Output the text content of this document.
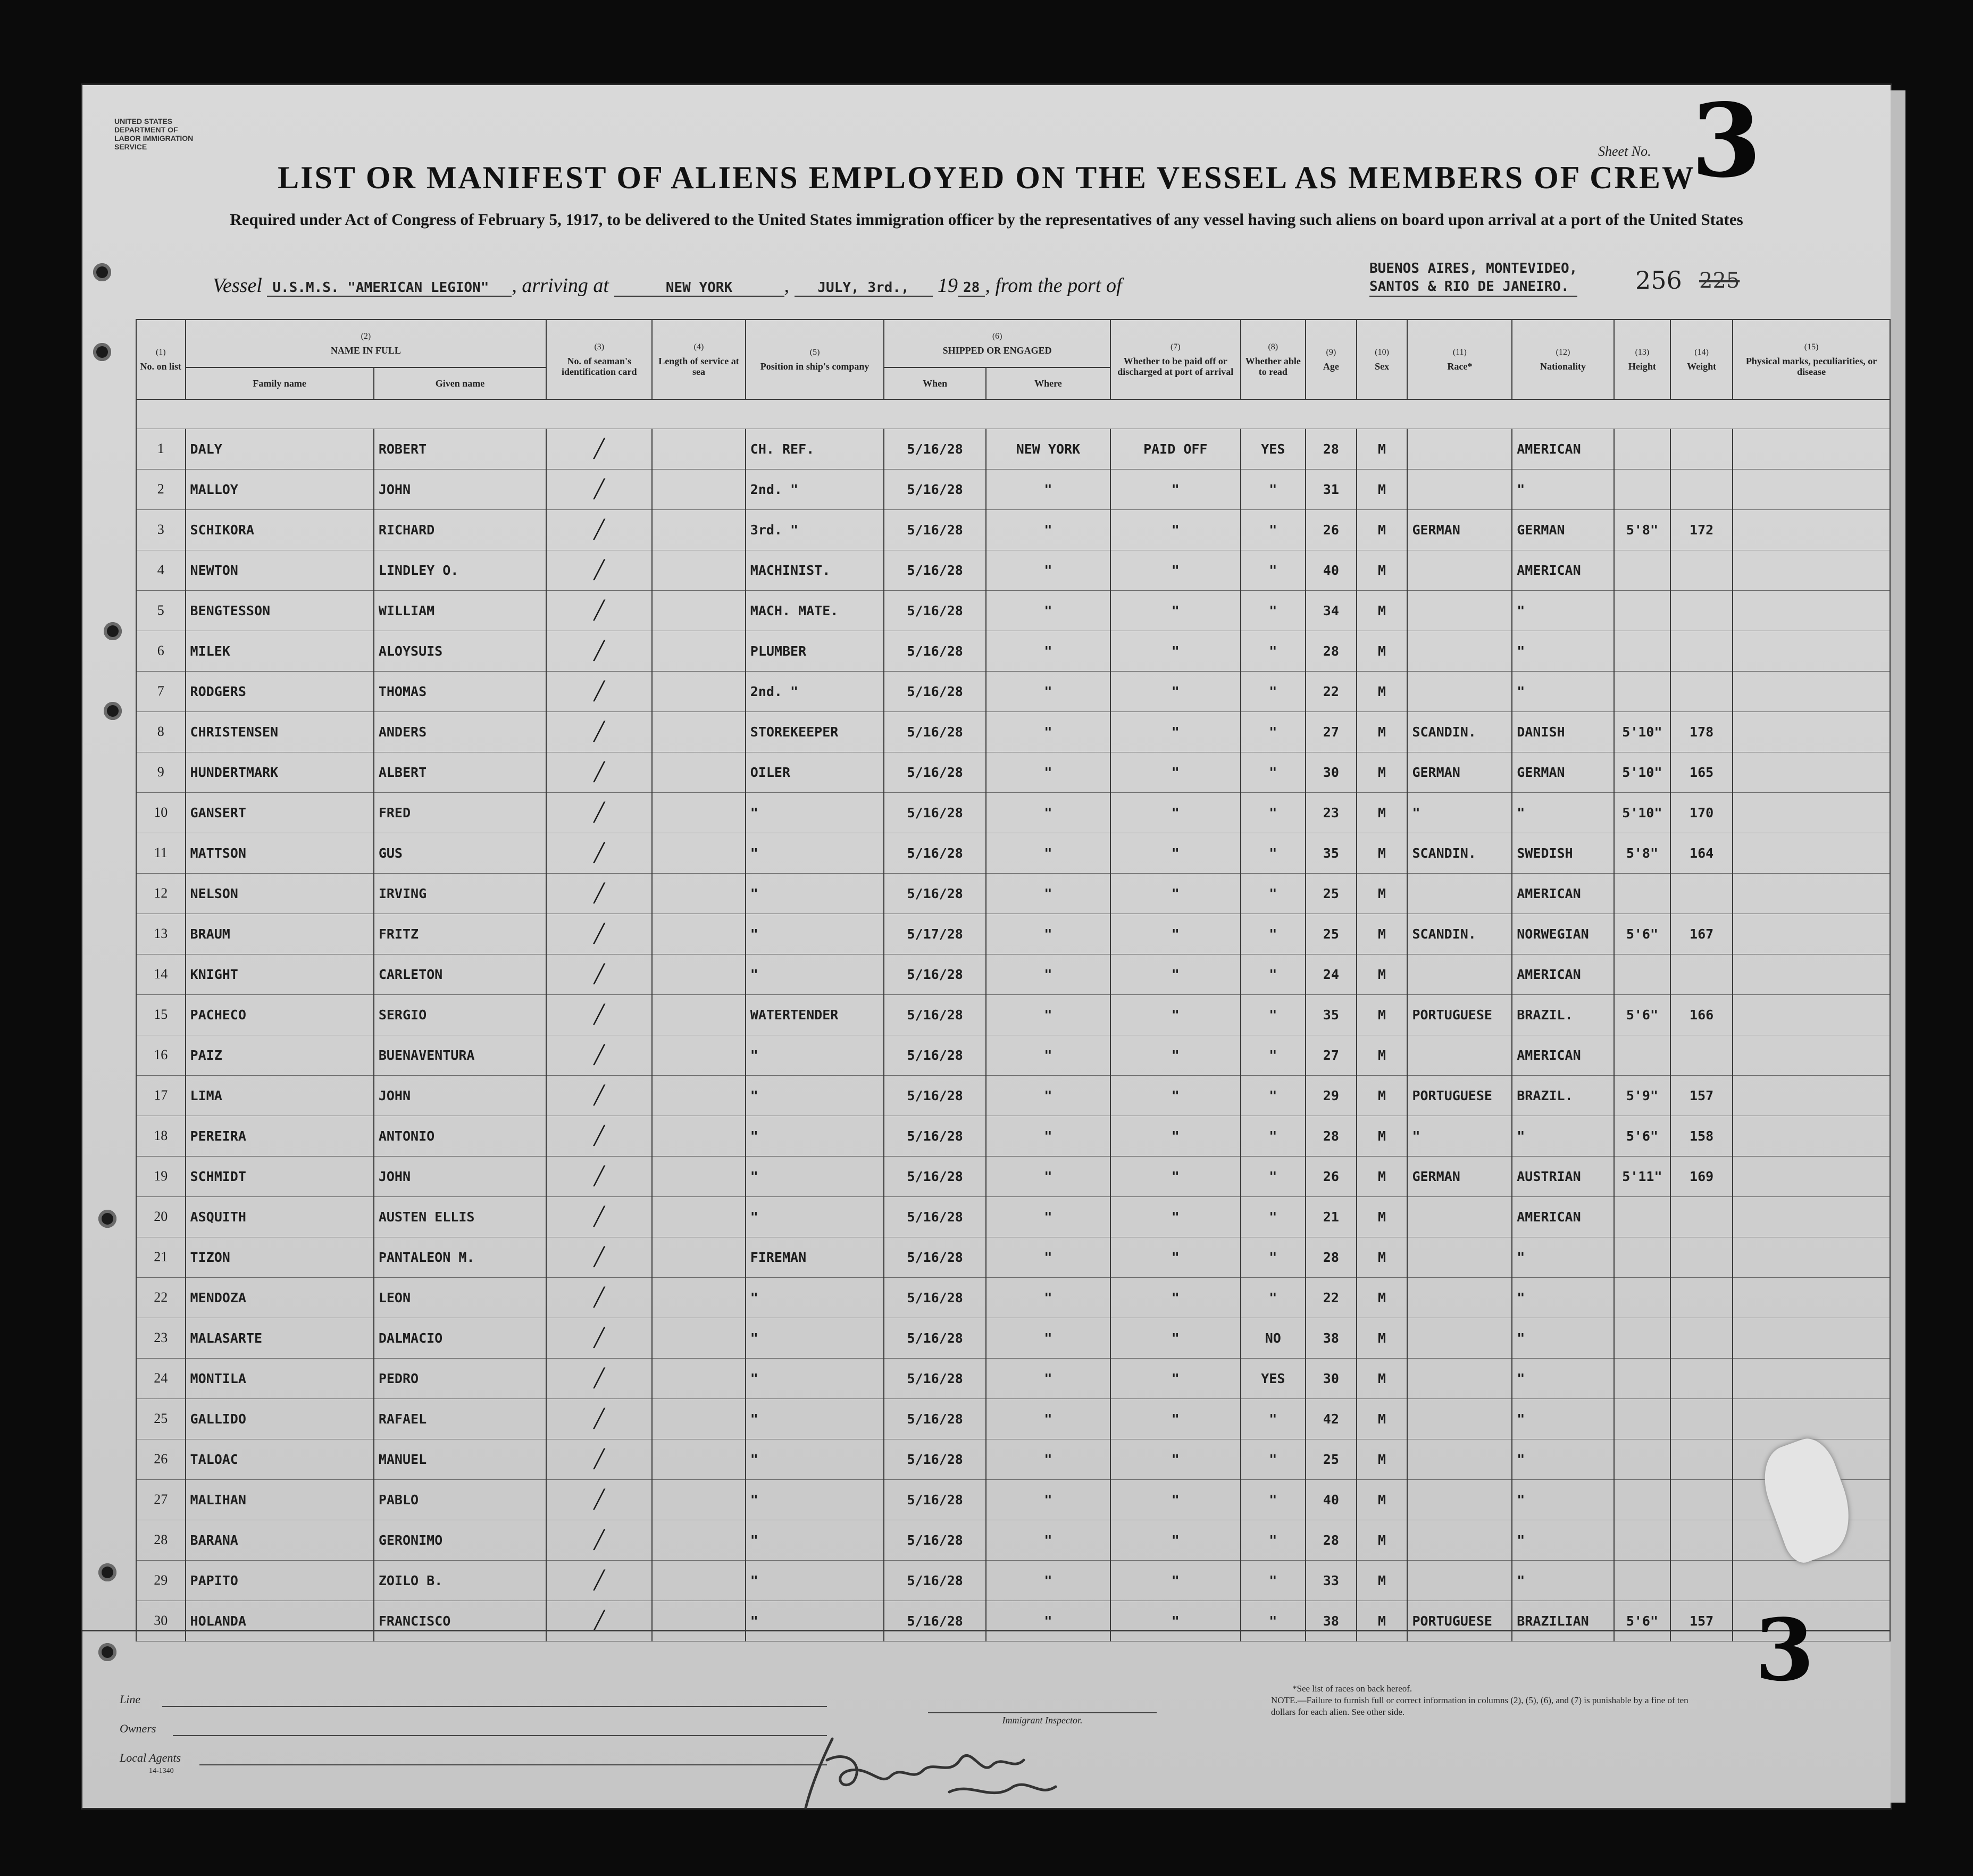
UNITED STATES DEPARTMENT OF LABOR IMMIGRATION SERVICE	Sheet No. 3
LIST OR MANIFEST OF ALIENS EMPLOYED ON THE VESSEL AS MEMBERS OF CREW
Required under Act of Congress of February 5, 1917, to be delivered to the United States immigration officer by the representatives of any vessel having such aliens on board upon arrival at a port of the United States
Vessel U.S.M.S. "AMERICAN LEGION" , arriving at	NEW YORK	, JULY, 3rd., 19 28 , from the port of
BUENOS AIRES, MONTEVIDEO,
SANTOS & RIO DE JANEIRO.	256 225
(1)
No. on list	(2)
NAME IN FULL		(3)
No. of seaman's identification card	(4)
Length of service at sea	(5)
Position in ship's company	(6)
SHIPPED OR ENGAGED		(7)
Whether to be paid off or discharged at port of arrival	(8)
Whether able to read	(9)
Age	(10)
Sex	(11)
Race*	(12)
Nationality	(13)
Height	(14)
Weight	(15)
Physical marks, peculiarities, or disease
	Family name	Given name				When	Where									

1	DALY	ROBERT	╱		CH. REF.	5/16/28	NEW YORK	PAID OFF	YES	28	M		AMERICAN			
2	MALLOY	JOHN	╱		2nd. "	5/16/28	"	"	"	31	M		"			
3	SCHIKORA	RICHARD	╱		3rd. "	5/16/28	"	"	"	26	M	GERMAN	GERMAN	5'8"	172	
4	NEWTON	LINDLEY O.	╱		MACHINIST.	5/16/28	"	"	"	40	M		AMERICAN			
5	BENGTESSON	WILLIAM	╱		MACH. MATE.	5/16/28	"	"	"	34	M		"			
6	MILEK	ALOYSUIS	╱		PLUMBER	5/16/28	"	"	"	28	M		"			
7	RODGERS	THOMAS	╱		2nd. "	5/16/28	"	"	"	22	M		"			
8	CHRISTENSEN	ANDERS	╱		STOREKEEPER	5/16/28	"	"	"	27	M	SCANDIN.	DANISH	5'10"	178	
9	HUNDERTMARK	ALBERT	╱		OILER	5/16/28	"	"	"	30	M	GERMAN	GERMAN	5'10"	165	
10	GANSERT	FRED	╱		"	5/16/28	"	"	"	23	M	"	"	5'10"	170	
11	MATTSON	GUS	╱		"	5/16/28	"	"	"	35	M	SCANDIN.	SWEDISH	5'8"	164	
12	NELSON	IRVING	╱		"	5/16/28	"	"	"	25	M		AMERICAN			
13	BRAUM	FRITZ	╱		"	5/17/28	"	"	"	25	M	SCANDIN.	NORWEGIAN	5'6"	167	
14	KNIGHT	CARLETON	╱		"	5/16/28	"	"	"	24	M		AMERICAN			
15	PACHECO	SERGIO	╱		WATERTENDER	5/16/28	"	"	"	35	M	PORTUGUESE	BRAZIL.	5'6"	166	
16	PAIZ	BUENAVENTURA	╱		"	5/16/28	"	"	"	27	M		AMERICAN			
17	LIMA	JOHN	╱		"	5/16/28	"	"	"	29	M	PORTUGUESE	BRAZIL.	5'9"	157	
18	PEREIRA	ANTONIO	╱		"	5/16/28	"	"	"	28	M	"	"	5'6"	158	
19	SCHMIDT	JOHN	╱		"	5/16/28	"	"	"	26	M	GERMAN	AUSTRIAN	5'11"	169	
20	ASQUITH	AUSTEN ELLIS	╱		"	5/16/28	"	"	"	21	M		AMERICAN			
21	TIZON	PANTALEON M.	╱		FIREMAN	5/16/28	"	"	"	28	M		"			
22	MENDOZA	LEON	╱		"	5/16/28	"	"	"	22	M		"			
23	MALASARTE	DALMACIO	╱		"	5/16/28	"	"	NO	38	M		"			
24	MONTILA	PEDRO	╱		"	5/16/28	"	"	YES	30	M		"			
25	GALLIDO	RAFAEL	╱		"	5/16/28	"	"	"	42	M		"			
26	TALOAC	MANUEL	╱		"	5/16/28	"	"	"	25	M		"			
27	MALIHAN	PABLO	╱		"	5/16/28	"	"	"	40	M		"			
28	BARANA	GERONIMO	╱		"	5/16/28	"	"	"	28	M		"			
29	PAPITO	ZOILO B.	╱		"	5/16/28	"	"	"	33	M		"			
30	HOLANDA	FRANCISCO	╱		"	5/16/28	"	"	"	38	M	PORTUGUESE	BRAZILIAN	5'6"	157	
Line
Owners
Local Agents
14-1340
3
Immigrant Inspector.
*See list of races on back hereof.
NOTE.—Failure to furnish full or correct information in columns (2), (5), (6), and (7) is punishable by a fine of ten dollars for each alien. See other side.
